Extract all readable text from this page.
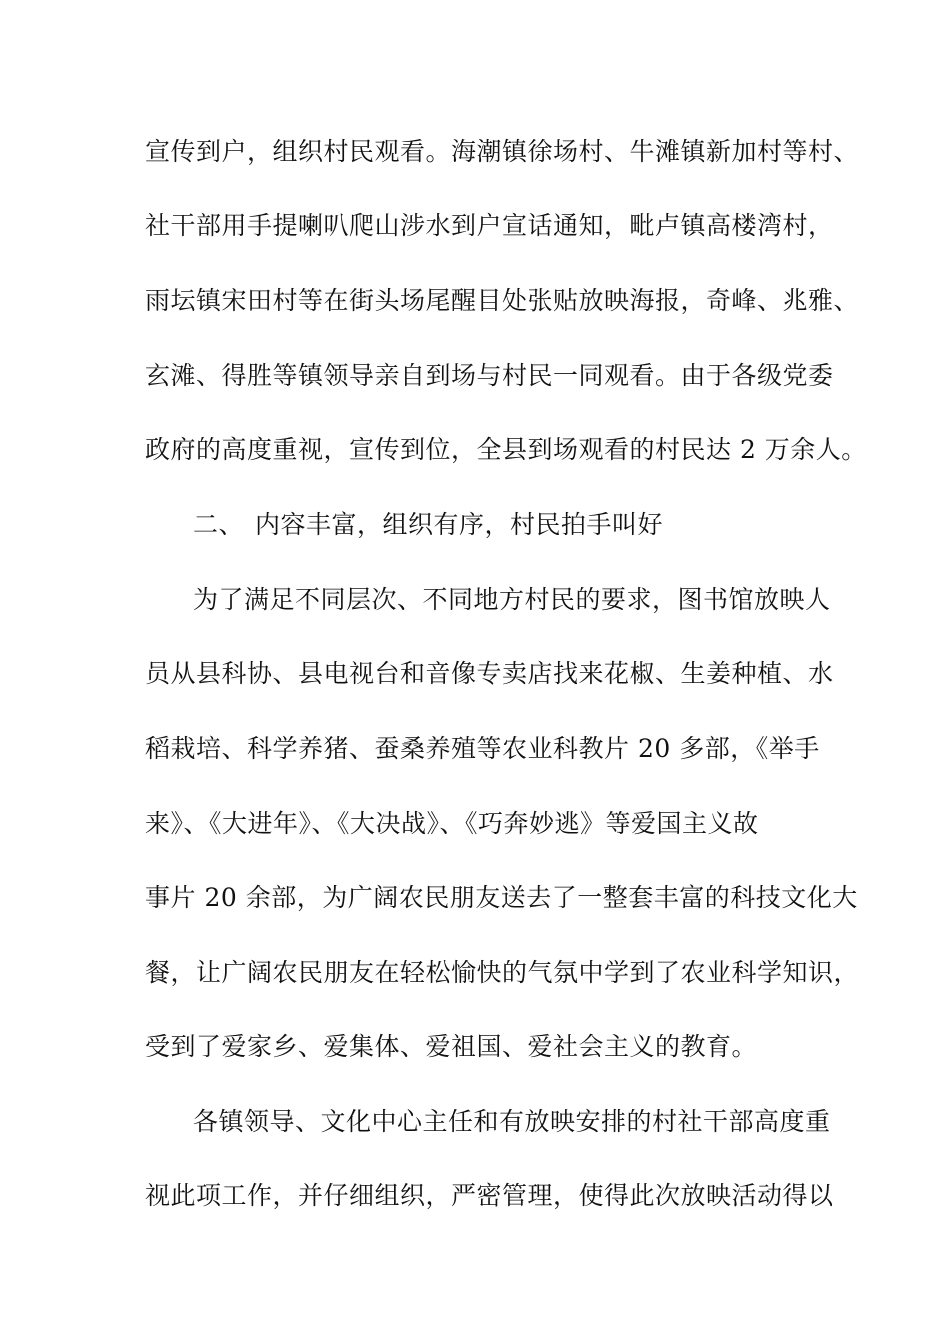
宣传到户，组织村民观看。海潮镇徐场村、牛滩镇新加村等村、
社干部用手提喇叭爬山涉水到户宣话通知，毗卢镇高楼湾村，
雨坛镇宋田村等在街头场尾醒目处张贴放映海报，奇峰、兆雅、
玄滩、得胜等镇领导亲自到场与村民一同观看。由于各级党委
政府的高度重视，宣传到位，全县到场观看的村民达 2 万余人。
二、 内容丰富，组织有序，村民拍手叫好
为了满足不同层次、不同地方村民的要求，图书馆放映人
员从县科协、县电视台和音像专卖店找来花椒、生姜种植、水
稻栽培、科学养猪、蚕桑养殖等农业科教片 20 多部，《举手
来》、《大进年》、《大决战》、《巧奔妙逃》等爱国主义故
事片 20 余部，为广阔农民朋友送去了一整套丰富的科技文化大
餐，让广阔农民朋友在轻松愉快的气氛中学到了农业科学知识，
受到了爱家乡、爱集体、爱祖国、爱社会主义的教育。
各镇领导、文化中心主任和有放映安排的村社干部高度重
视此项工作，并仔细组织，严密管理，使得此次放映活动得以
